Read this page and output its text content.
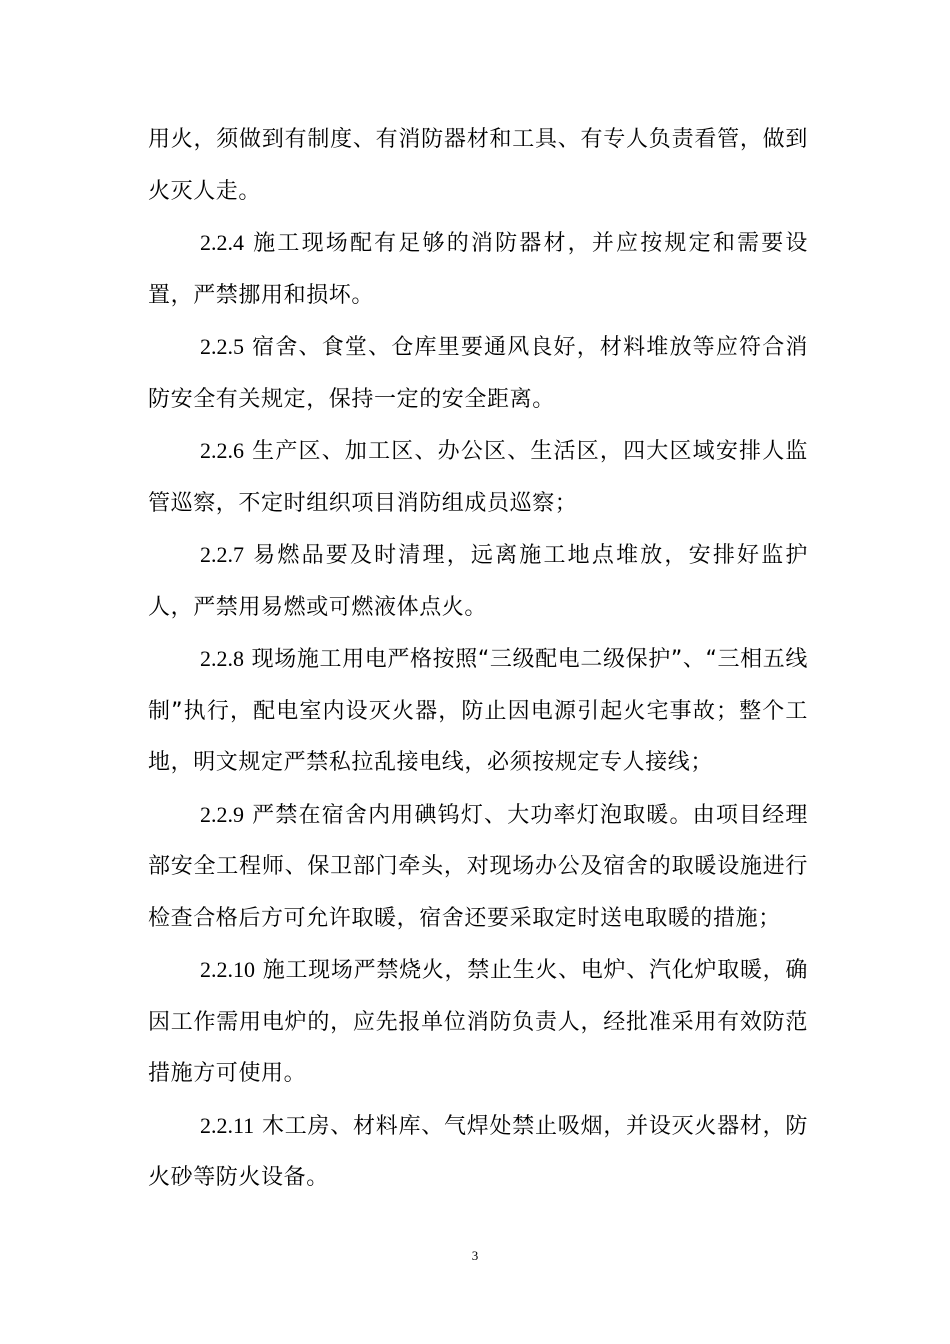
用火，须做到有制度、有消防器材和工具、有专人负责看管，做到火灭人走。

2.2.4 施工现场配有足够的消防器材，并应按规定和需要设置，严禁挪用和损坏。

2.2.5 宿舍、食堂、仓库里要通风良好，材料堆放等应符合消防安全有关规定，保持一定的安全距离。

2.2.6 生产区、加工区、办公区、生活区，四大区域安排人监管巡察，不定时组织项目消防组成员巡察；

2.2.7 易燃品要及时清理，远离施工地点堆放，安排好监护人，严禁用易燃或可燃液体点火。

2.2.8 现场施工用电严格按照“三级配电二级保护”、“三相五线制”执行，配电室内设灭火器，防止因电源引起火宅事故；整个工地，明文规定严禁私拉乱接电线，必须按规定专人接线；

2.2.9 严禁在宿舍内用碘钨灯、大功率灯泡取暖。由项目经理部安全工程师、保卫部门牵头，对现场办公及宿舍的取暖设施进行检查合格后方可允许取暖，宿舍还要采取定时送电取暖的措施；

2.2.10 施工现场严禁烧火，禁止生火、电炉、汽化炉取暖，确因工作需用电炉的，应先报单位消防负责人，经批准采用有效防范措施方可使用。

2.2.11 木工房、材料库、气焊处禁止吸烟，并设灭火器材，防火砂等防火设备。

3
